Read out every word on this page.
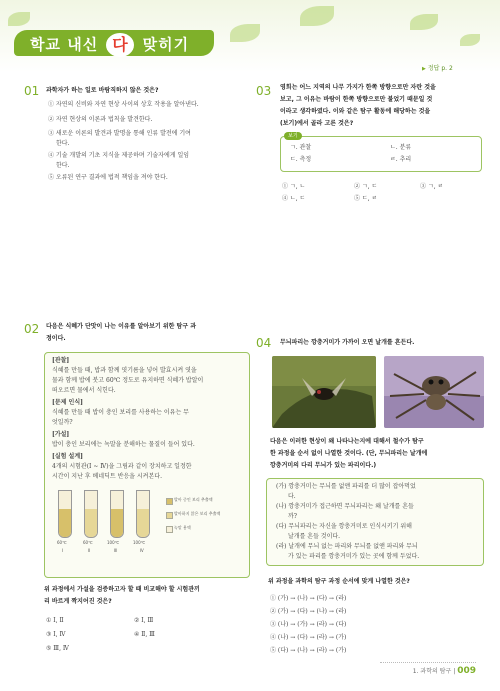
학교 내신 다 맞히기
▶ 정답 p. 2
01 과학자가 하는 일로 바람직하지 않은 것은?
① 자연의 신비와 자연 현상 사이의 상호 작용을 알아낸다.
② 자연 현상의 이론과 법칙을 발견한다.
③ 새로운 이론의 발견과 발명을 통해 인류 발전에 기여
한다.
④ 기술 개발의 기초 지식을 제공하며 기술자에게 일임
한다.
⑤ 오류된 연구 결과에 법적 책임을 져야 한다.
03 영희는 어느 지역의 나무 가지가 한쪽 방향으로만 자란 것을
보고, 그 이유는 바람이 한쪽 방향으로만 불었기 때문일 것
이라고 생각하였다. 이와 같은 탐구 활동에 해당하는 것을
(보기)에서 골라 고른 것은?
보기
ㄱ. 관찰	ㄴ. 분류
ㄷ. 측정	ㄹ. 추리
① ㄱ, ㄴ	② ㄱ, ㄷ	③ ㄱ, ㄹ
④ ㄴ, ㄷ	⑤ ㄷ, ㄹ
02 다음은 식혜가 단맛이 나는 이유를 알아보기 위한 탐구 과
정이다.
[관찰]
식혜를 만들 때, 밥과 함께 엿기름을 넣어 발효시켜 엿을
물과 함께 밥에 붓고 60℃ 정도로 유지하면 식혜가 밥알이
떠오르면 물에서 식힌다.
[문제 인식]
식혜를 만들 때 밥이 충인 보리를 사용하는 이유는 무
엇일까?
[가설]
밥이 충인 보리에는 녹말을 분해하는 물질이 들어 있다.
[실험 설계]
4개의 시험관(Ⅰ ~ Ⅳ)을 그림과 같이 장치하고 일정한
시간이 지난 후 베네딕트 반응을 시켜본다.
60℃	60℃	100℃	100℃
Ⅰ	Ⅱ	Ⅲ	Ⅳ
발아 중인 보리 추출액
발아하지 않은 보리 추출액
녹말 용액
위 과정에서 가설을 검증하고자 할 때 비교해야 할 시험관끼
리 바르게 짝지어진 것은?
① Ⅰ, Ⅱ	② Ⅰ, Ⅲ
③ Ⅰ, Ⅳ	④ Ⅱ, Ⅲ
⑤ Ⅲ, Ⅳ
04 무늬파리는 깡충거미가 가까이 오면 날개를 흔든다.
다음은 이러한 현상이 왜 나타나는지에 대해서 철수가 탐구
한 과정을 순서 없이 나열한 것이다. (단, 무늬파리는 날개에
깡충거미의 다리 무늬가 있는 파리이다.)
(가) 깡충거미는 무늬를 없앤 파리를 더 많이 잡아먹었
다.
(나) 깡충거미가 접근하면 무늬파리는 왜 날개를 흔들
까?
(다) 무늬파리는 자신을 깡충거미로 인식시키기 위해
날개를 흔들 것이다.
(라) 날개에 무늬 없는 파리와 무늬를 없앤 파리와 무늬
가 있는 파리를 깡충거미가 있는 곳에 함께 두었다.
위 과정을 과학의 탐구 과정 순서에 맞게 나열한 것은?
① (가) → (나) → (다) → (라)
② (가) → (다) → (나) → (라)
③ (나) → (가) → (라) → (다)
④ (나) → (다) → (라) → (가)
⑤ (다) → (나) → (라) → (가)
1. 과학의 탐구 | 009
